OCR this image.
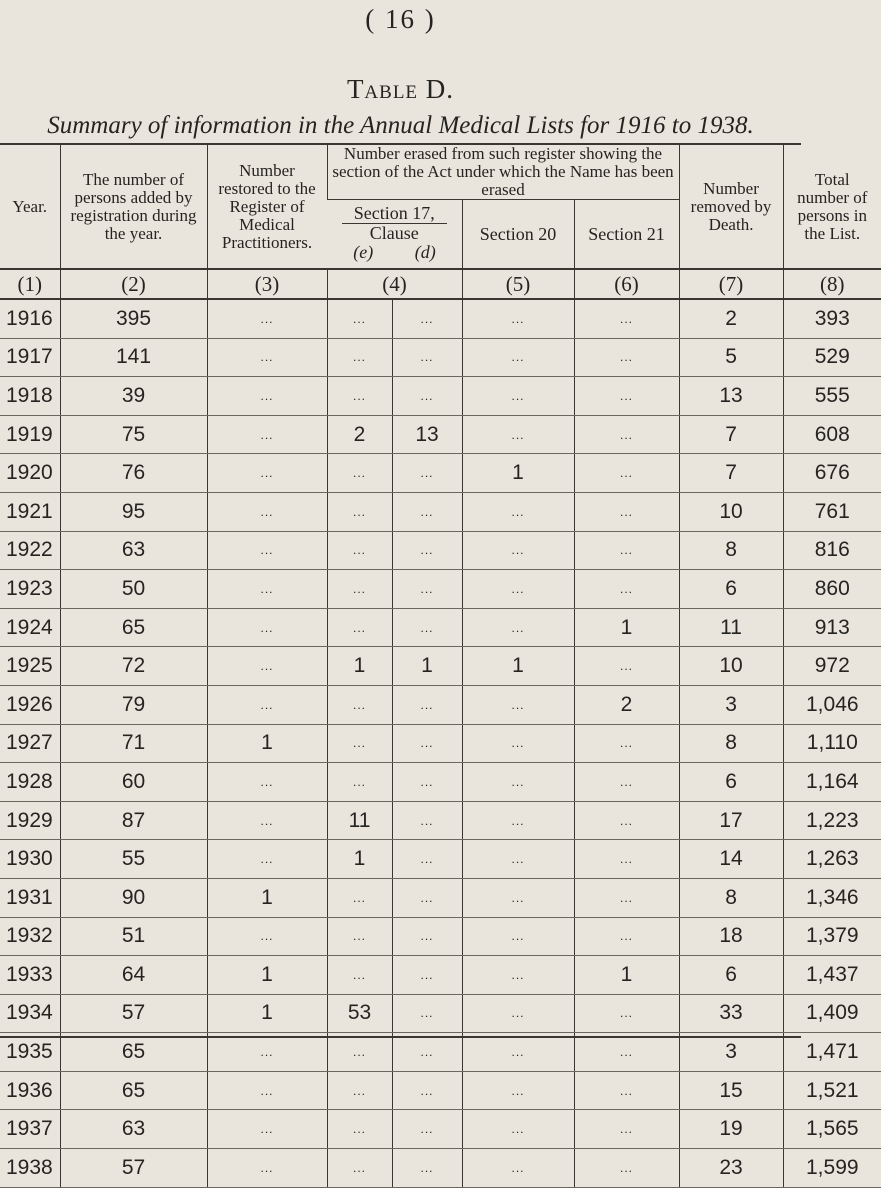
( 16 )
Table D.
Summary of information in the Annual Medical Lists for 1916 to 1938.
Year.	The number of persons added by registration during the year.	Number restored to the Register of Medical Practitioners.	Number erased from such register showing the section of the Act under which the Name has been erased				Number removed by Death.	Total number of persons in the List.
			Section 17,
Clause
(e) (d)		Section 20	Section 21		
(1)	(2)	(3)	(4)		(5)	(6)	(7)	(8)
1916	395	...	...	...	...	...	2	393
1917	141	...	...	...	...	...	5	529
1918	39	...	...	...	...	...	13	555
1919	75	...	2	13	...	...	7	608
1920	76	...	...	...	1	...	7	676
1921	95	...	...	...	...	...	10	761
1922	63	...	...	...	...	...	8	816
1923	50	...	...	...	...	...	6	860
1924	65	...	...	...	...	1	11	913
1925	72	...	1	1	1	...	10	972
1926	79	...	...	...	...	2	3	1,046
1927	71	1	...	...	...	...	8	1,110
1928	60	...	...	...	...	...	6	1,164
1929	87	...	11	...	...	...	17	1,223
1930	55	...	1	...	...	...	14	1,263
1931	90	1	...	...	...	...	8	1,346
1932	51	...	...	...	...	...	18	1,379
1933	64	1	...	...	...	1	6	1,437
1934	57	1	53	...	...	...	33	1,409
1935	65	...	...	...	...	...	3	1,471
1936	65	...	...	...	...	...	15	1,521
1937	63	...	...	...	...	...	19	1,565
1938	57	...	...	...	...	...	23	1,599
